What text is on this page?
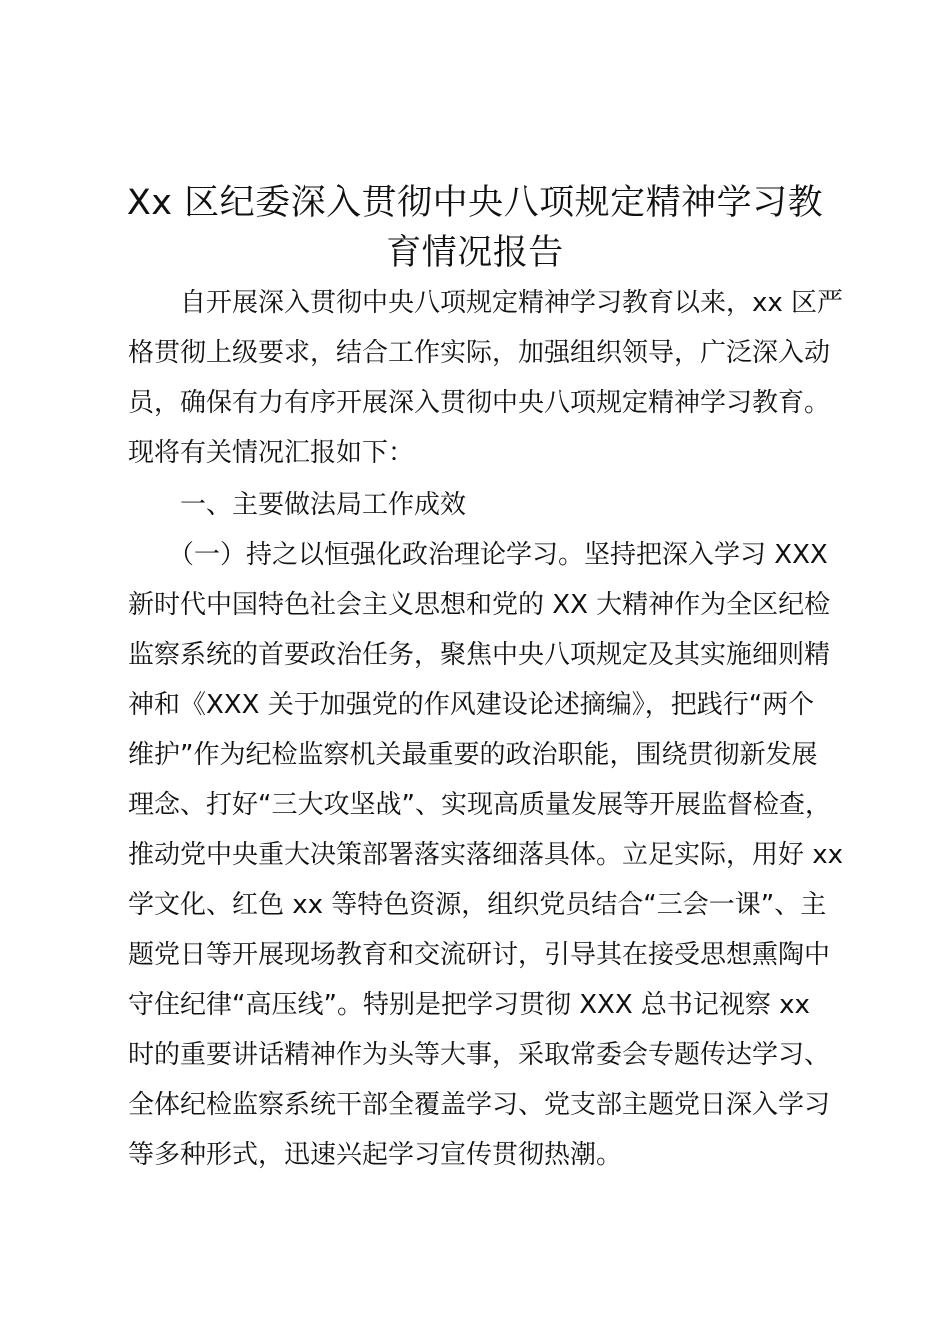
Xx 区纪委深入贯彻中央八项规定精神学习教
育情况报告

自开展深入贯彻中央八项规定精神学习教育以来，xx 区严

格贯彻上级要求，结合工作实际，加强组织领导，广泛深入动

员，确保有力有序开展深入贯彻中央八项规定精神学习教育。

现将有关情况汇报如下：

一、主要做法局工作成效

（一）持之以恒强化政治理论学习。坚持把深入学习 XXX

新时代中国特色社会主义思想和党的 XX 大精神作为全区纪检

监察系统的首要政治任务，聚焦中央八项规定及其实施细则精

神和《XXX 关于加强党的作风建设论述摘编》，把践行“两个

维护”作为纪检监察机关最重要的政治职能，围绕贯彻新发展

理念、打好“三大攻坚战”、实现高质量发展等开展监督检查，

推动党中央重大决策部署落实落细落具体。立足实际，用好 xx

学文化、红色 xx 等特色资源，组织党员结合“三会一课”、主

题党日等开展现场教育和交流研讨，引导其在接受思想熏陶中

守住纪律“高压线”。特别是把学习贯彻 XXX 总书记视察 xx

时的重要讲话精神作为头等大事，采取常委会专题传达学习、

全体纪检监察系统干部全覆盖学习、党支部主题党日深入学习

等多种形式，迅速兴起学习宣传贯彻热潮。
